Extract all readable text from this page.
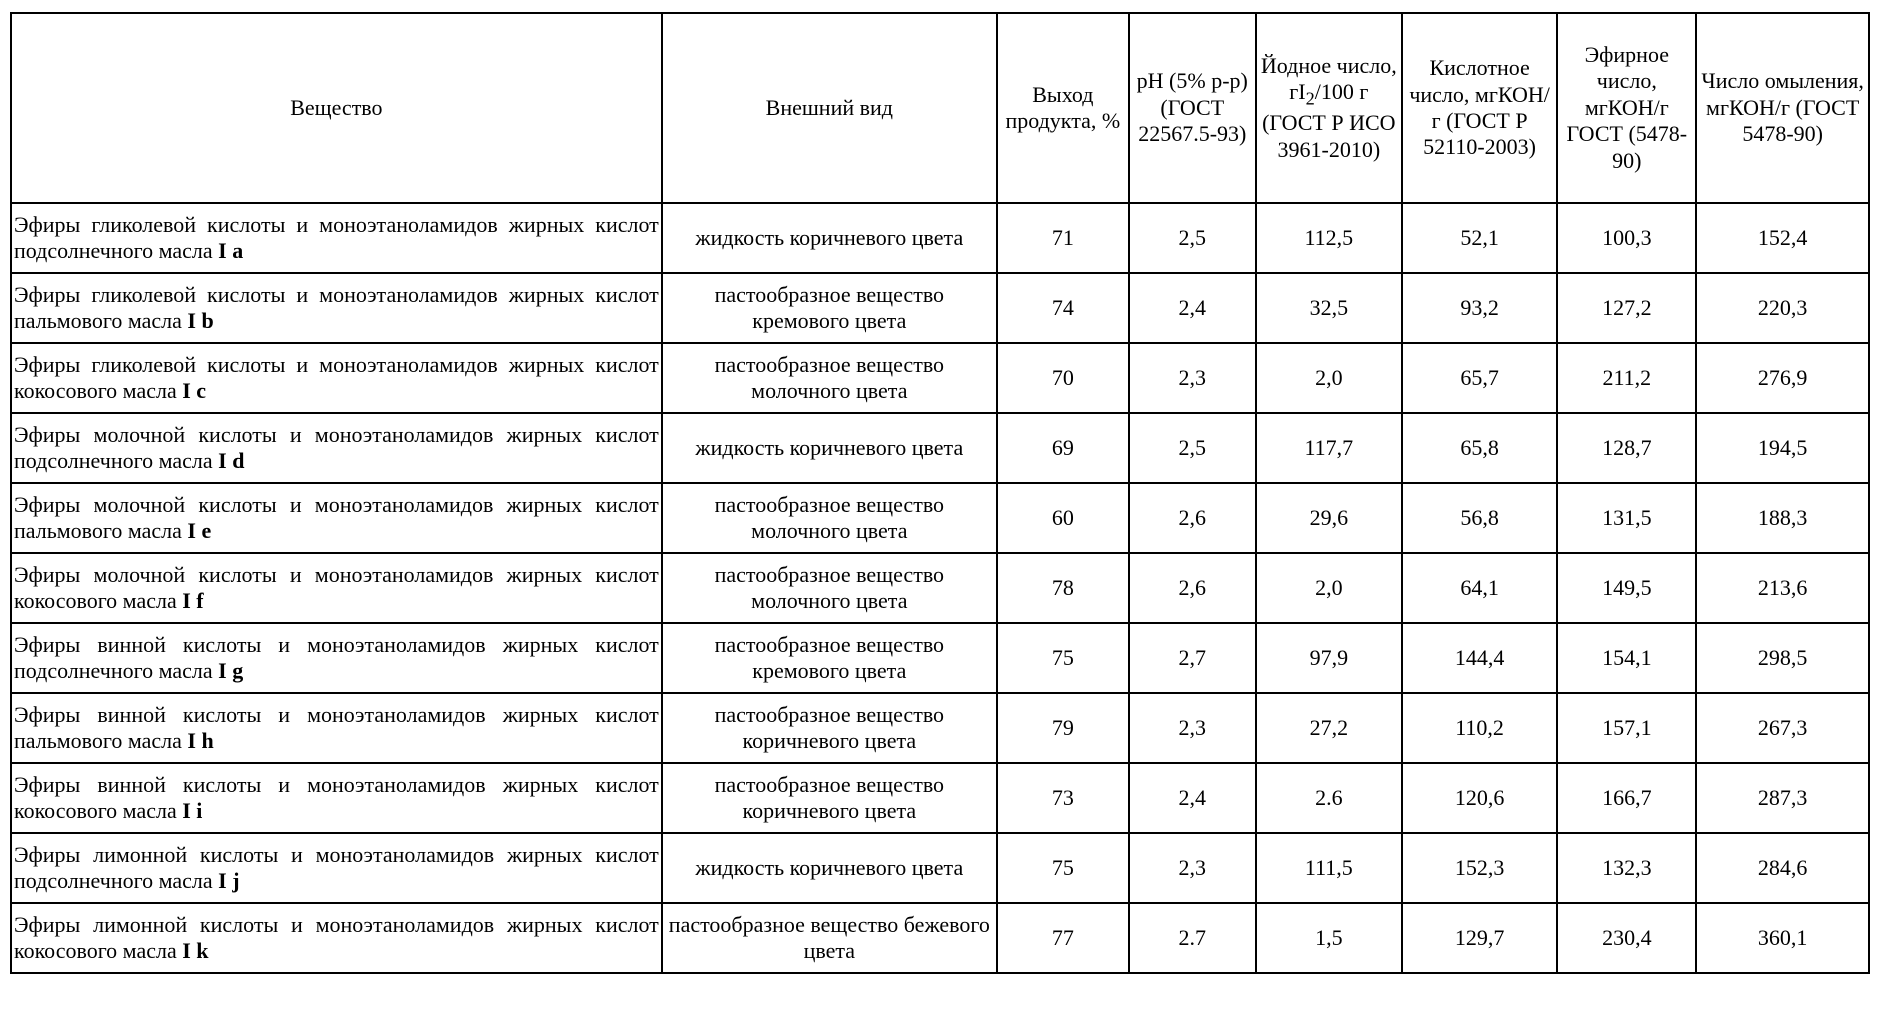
Вещество	Внешний вид	Выход продукта, %	pH (5% р-р) (ГОСТ 22567.5-93)	Йодное число, $гI_2/100$ г (ГОСТ Р ИСО 3961-2010)	Кислотное число, мгКОН/г (ГОСТ Р 52110-2003)	Эфирное число, мгКОН/г ГОСТ (5478-90)	Число омыления, мгКОН/г (ГОСТ 5478-90)
Эфиры гликолевой кислоты и моноэтаноламидов жирных кислот подсолнечного масла I a	жидкость коричневого цвета	71	2,5	112,5	52,1	100,3	152,4
Эфиры гликолевой кислоты и моноэтаноламидов жирных кислот пальмового масла I b	пастообразное вещество кремового цвета	74	2,4	32,5	93,2	127,2	220,3
Эфиры гликолевой кислоты и моноэтаноламидов жирных кислот кокосового масла I c	пастообразное вещество молочного цвета	70	2,3	2,0	65,7	211,2	276,9
Эфиры молочной кислоты и моноэтаноламидов жирных кислот подсолнечного масла I d	жидкость коричневого цвета	69	2,5	117,7	65,8	128,7	194,5
Эфиры молочной кислоты и моноэтаноламидов жирных кислот пальмового масла I e	пастообразное вещество молочного цвета	60	2,6	29,6	56,8	131,5	188,3
Эфиры молочной кислоты и моноэтаноламидов жирных кислот кокосового масла I f	пастообразное вещество молочного цвета	78	2,6	2,0	64,1	149,5	213,6
Эфиры винной кислоты и моноэтаноламидов жирных кислот подсолнечного масла I g	пастообразное вещество кремового цвета	75	2,7	97,9	144,4	154,1	298,5
Эфиры винной кислоты и моноэтаноламидов жирных кислот пальмового масла I h	пастообразное вещество коричневого цвета	79	2,3	27,2	110,2	157,1	267,3
Эфиры винной кислоты и моноэтаноламидов жирных кислот кокосового масла I i	пастообразное вещество коричневого цвета	73	2,4	2.6	120,6	166,7	287,3
Эфиры лимонной кислоты и моноэтаноламидов жирных кислот подсолнечного масла I j	жидкость коричневого цвета	75	2,3	111,5	152,3	132,3	284,6
Эфиры лимонной кислоты и моноэтаноламидов жирных кислот кокосового масла I k	пастообразное вещество бежевого цвета	77	2.7	1,5	129,7	230,4	360,1
